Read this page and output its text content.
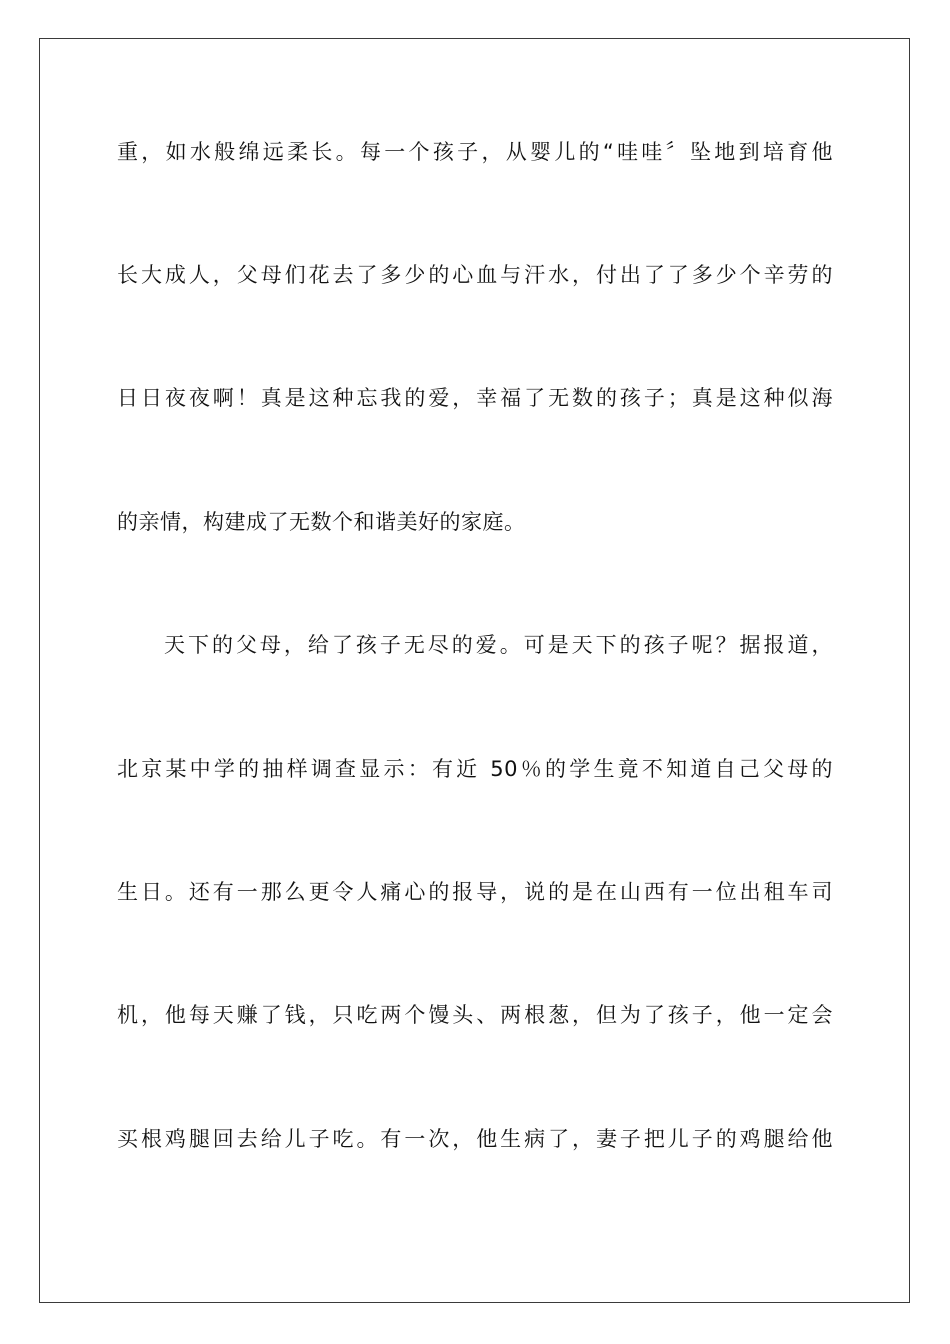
重，如水般绵远柔长。每一个孩子，从婴儿的“哇哇〞坠地到培育他
长大成人，父母们花去了多少的心血与汗水，付出了了多少个辛劳的
日日夜夜啊！真是这种忘我的爱，幸福了无数的孩子；真是这种似海
的亲情，构建成了无数个和谐美好的家庭。
天下的父母，给了孩子无尽的爱。可是天下的孩子呢？据报道，
北京某中学的抽样调查显示：有近 50％的学生竟不知道自己父母的
生日。还有一那么更令人痛心的报导，说的是在山西有一位出租车司
机，他每天赚了钱，只吃两个馒头、两根葱，但为了孩子，他一定会
买根鸡腿回去给儿子吃。有一次，他生病了，妻子把儿子的鸡腿给他
